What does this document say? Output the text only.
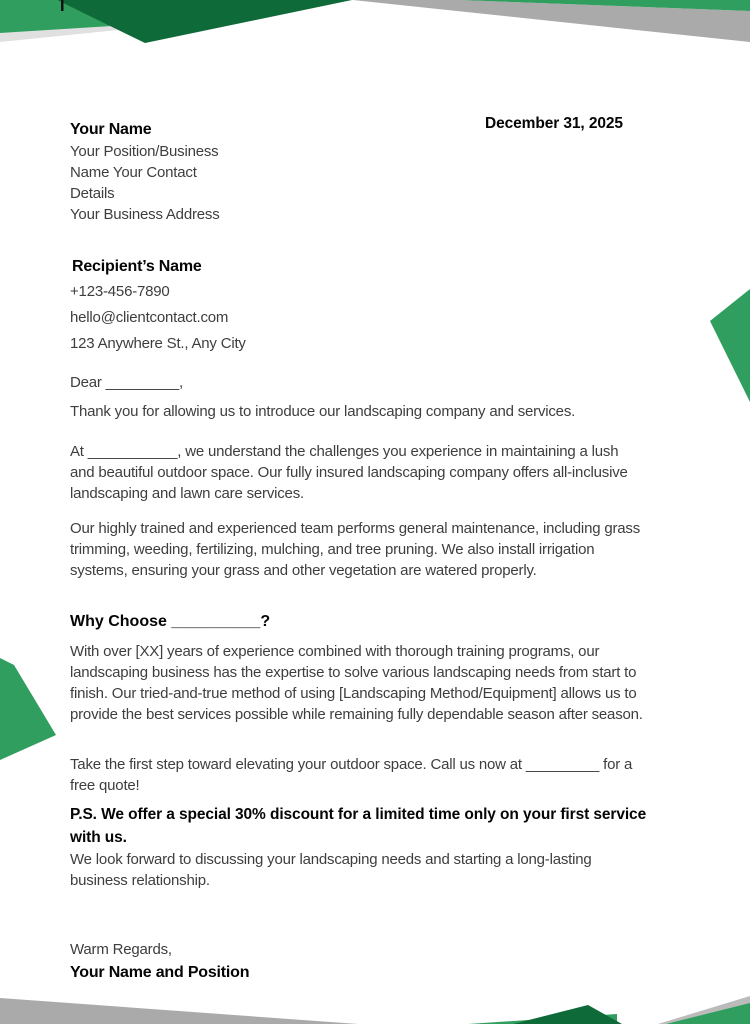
December 31, 2025
Your Name
Your Position/Business
Name Your Contact
Details
Your Business Address
Recipient’s Name
+123-456-7890
hello@clientcontact.com
123 Anywhere St., Any City
Dear _________,
Thank you for allowing us to introduce our landscaping company and services.
At ___________, we understand the challenges you experience in maintaining a lush and beautiful outdoor space. Our fully insured landscaping company offers all-inclusive landscaping and lawn care services.
Our highly trained and experienced team performs general maintenance, including grass trimming, weeding, fertilizing, mulching, and tree pruning. We also install irrigation systems, ensuring your grass and other vegetation are watered properly.
Why Choose __________?
With over [XX] years of experience combined with thorough training programs, our landscaping business has the expertise to solve various landscaping needs from start to finish. Our tried-and-true method of using [Landscaping Method/Equipment] allows us to provide the best services possible while remaining fully dependable season after season.
Take the first step toward elevating your outdoor space. Call us now at _________ for a free quote!
P.S. We offer a special 30% discount for a limited time only on your first service with us.
We look forward to discussing your landscaping needs and starting a long-lasting business relationship.
Warm Regards,
Your Name and Position
